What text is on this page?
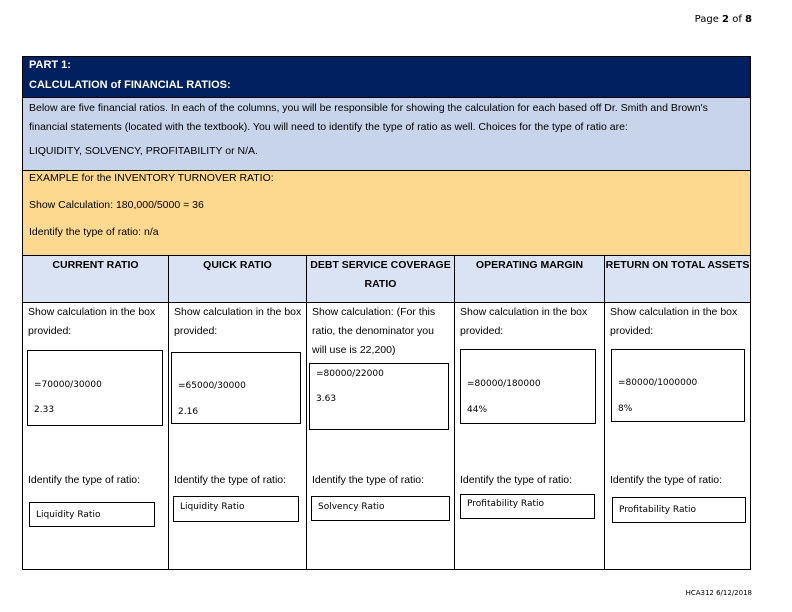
Page 2 of 8
PART 1:
CALCULATION of FINANCIAL RATIOS:
Below are five financial ratios. In each of the columns, you will be responsible for showing the calculation for each based off Dr. Smith and Brown's financial statements (located with the textbook). You will need to identify the type of ratio as well. Choices for the type of ratio are:
LIQUIDITY, SOLVENCY, PROFITABILITY or N/A.
EXAMPLE for the INVENTORY TURNOVER RATIO:
Show Calculation: 180,000/5000 = 36
Identify the type of ratio: n/a
CURRENT RATIO
Show calculation in the box provided:
=70000/30000
2.33
Identify the type of ratio:
Liquidity Ratio
QUICK RATIO
Show calculation in the box provided:
=65000/30000
2.16
Identify the type of ratio:
Liquidity Ratio
DEBT SERVICE COVERAGE RATIO
Show calculation: (For this ratio, the denominator you will use is 22,200)
=80000/22000
3.63
Identify the type of ratio:
Solvency Ratio
OPERATING MARGIN
Show calculation in the box provided:
=80000/180000
44%
Identify the type of ratio:
Profitability Ratio
RETURN ON TOTAL ASSETS
Show calculation in the box provided:
=80000/1000000
8%
Identify the type of ratio:
Profitability Ratio
HCA312 6/12/2018
